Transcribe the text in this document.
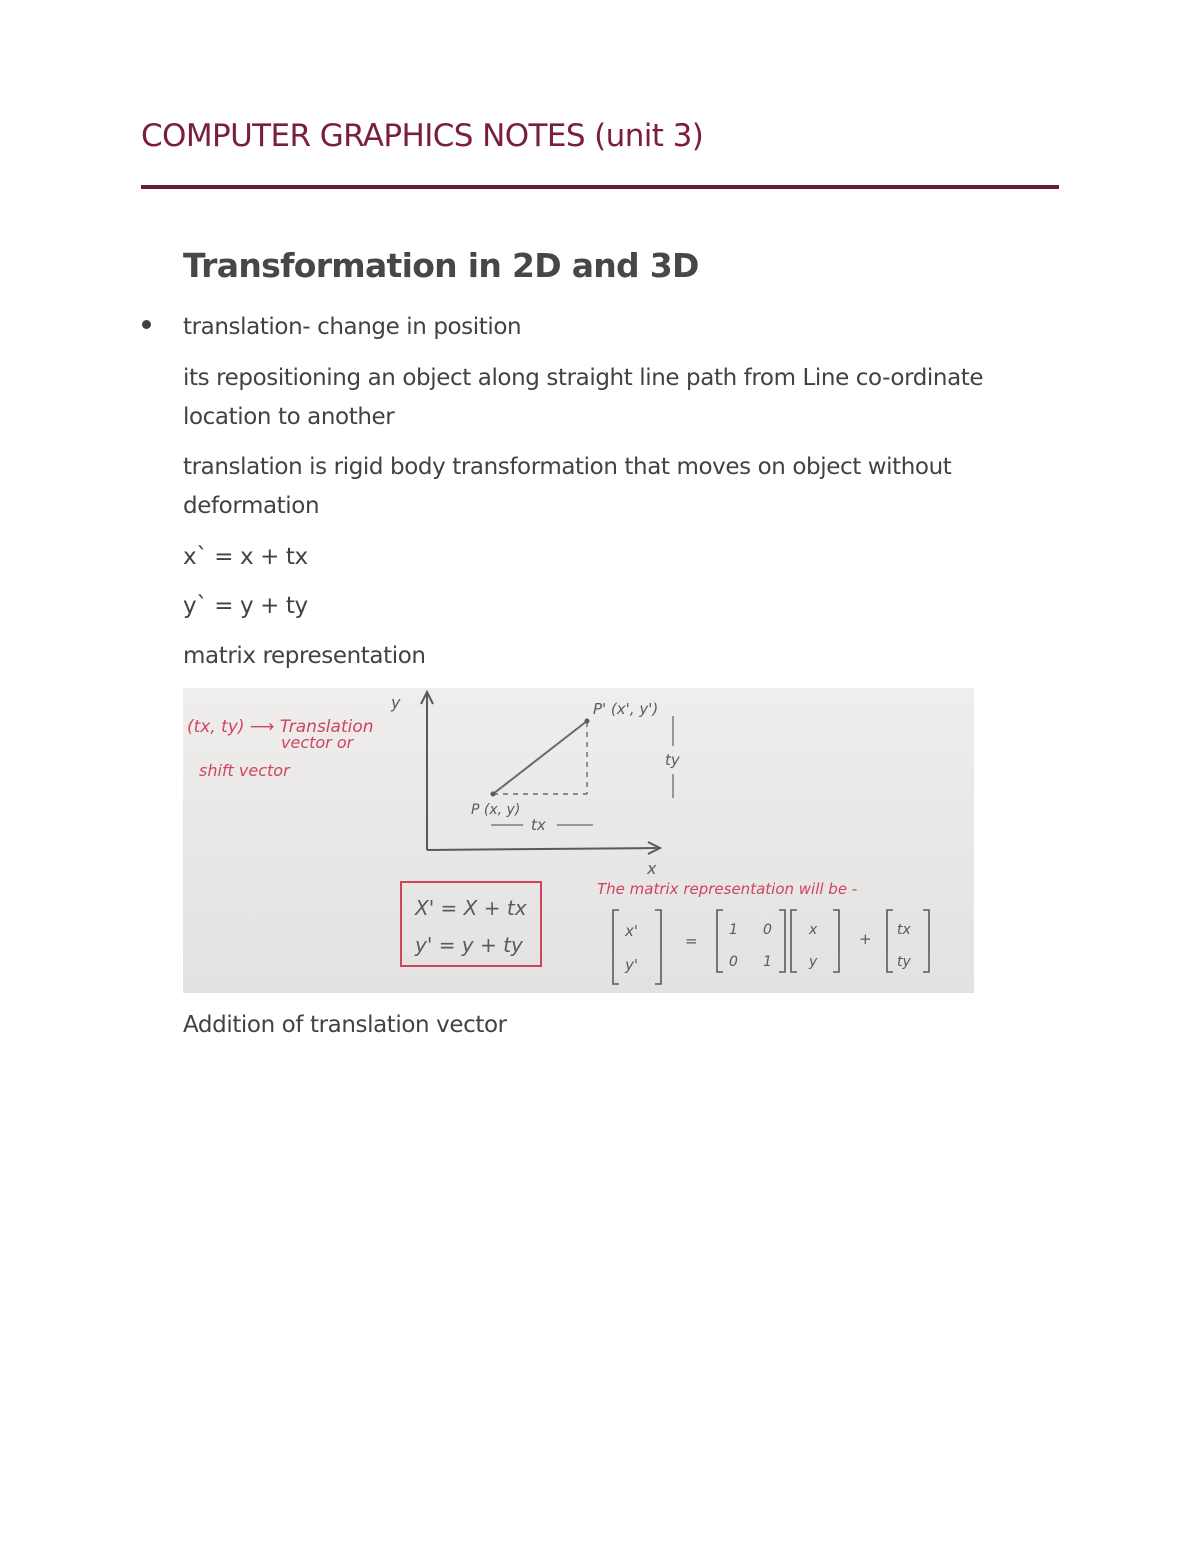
COMPUTER GRAPHICS NOTES (unit 3)
Transformation in 2D and 3D

translation- change in position

its repositioning an object along straight line path from Line co-ordinate location to another

translation is rigid body transformation that moves on object without deformation

x` = x + tx

y` = y + ty

matrix representation

(tx, ty) ⟶ Translation
vector or
shift vector
y
x
P (x, y)
P' (x', y')
tx
ty
X' = X + tx
y' = y + ty
The matrix representation will be -
x'
y'
=
1 0
0 1
x
y
+ tx
ty

Addition of translation vector
